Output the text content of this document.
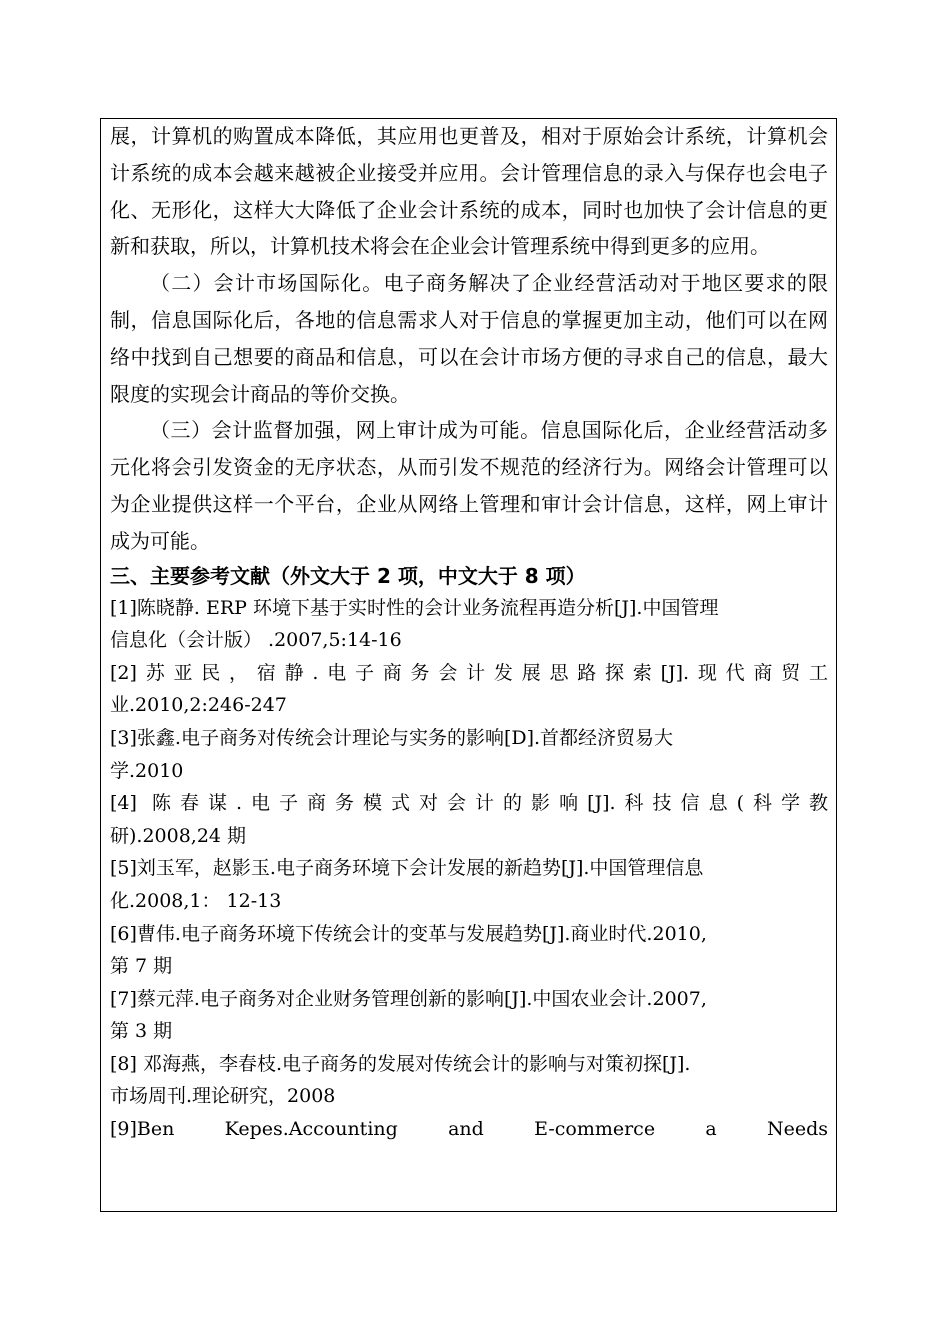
展，计算机的购置成本降低，其应用也更普及，相对于原始会计系统，计算机会计系统的成本会越来越被企业接受并应用。会计管理信息的录入与保存也会电子化、无形化，这样大大降低了企业会计系统的成本，同时也加快了会计信息的更新和获取，所以，计算机技术将会在企业会计管理系统中得到更多的应用。

（二）会计市场国际化。电子商务解决了企业经营活动对于地区要求的限制，信息国际化后，各地的信息需求人对于信息的掌握更加主动，他们可以在网络中找到自己想要的商品和信息，可以在会计市场方便的寻求自己的信息，最大限度的实现会计商品的等价交换。

（三）会计监督加强，网上审计成为可能。信息国际化后，企业经营活动多元化将会引发资金的无序状态，从而引发不规范的经济行为。网络会计管理可以为企业提供这样一个平台，企业从网络上管理和审计会计信息，这样，网上审计成为可能。

三、主要参考文献（外文大于 2 项，中文大于 8 项）

[1]陈晓静. ERP 环境下基于实时性的会计业务流程再造分析[J].中国管理
信息化（会计版） .2007,5:14-16

[2]苏亚民，宿静.电子商务会计发展思路探索[J].现代商贸工
业.2010,2:246-247

[3]张鑫.电子商务对传统会计理论与实务的影响[D].首都经济贸易大
学.2010

[4] 陈春谋.电子商务模式对会计的影响[J].科技信息(科学教
研).2008,24 期

[5]刘玉军，赵影玉.电子商务环境下会计发展的新趋势[J].中国管理信息
化.2008,1： 12-13

[6]曹伟.电子商务环境下传统会计的变革与发展趋势[J].商业时代.2010,
第 7 期

[7]蔡元萍.电子商务对企业财务管理创新的影响[J].中国农业会计.2007,
第 3 期

[8] 邓海燕，李春枝.电子商务的发展对传统会计的影响与对策初探[J].
市场周刊.理论研究，2008

[9]Ben	Kepes.Accounting	and	E-commerce	a	Needs
